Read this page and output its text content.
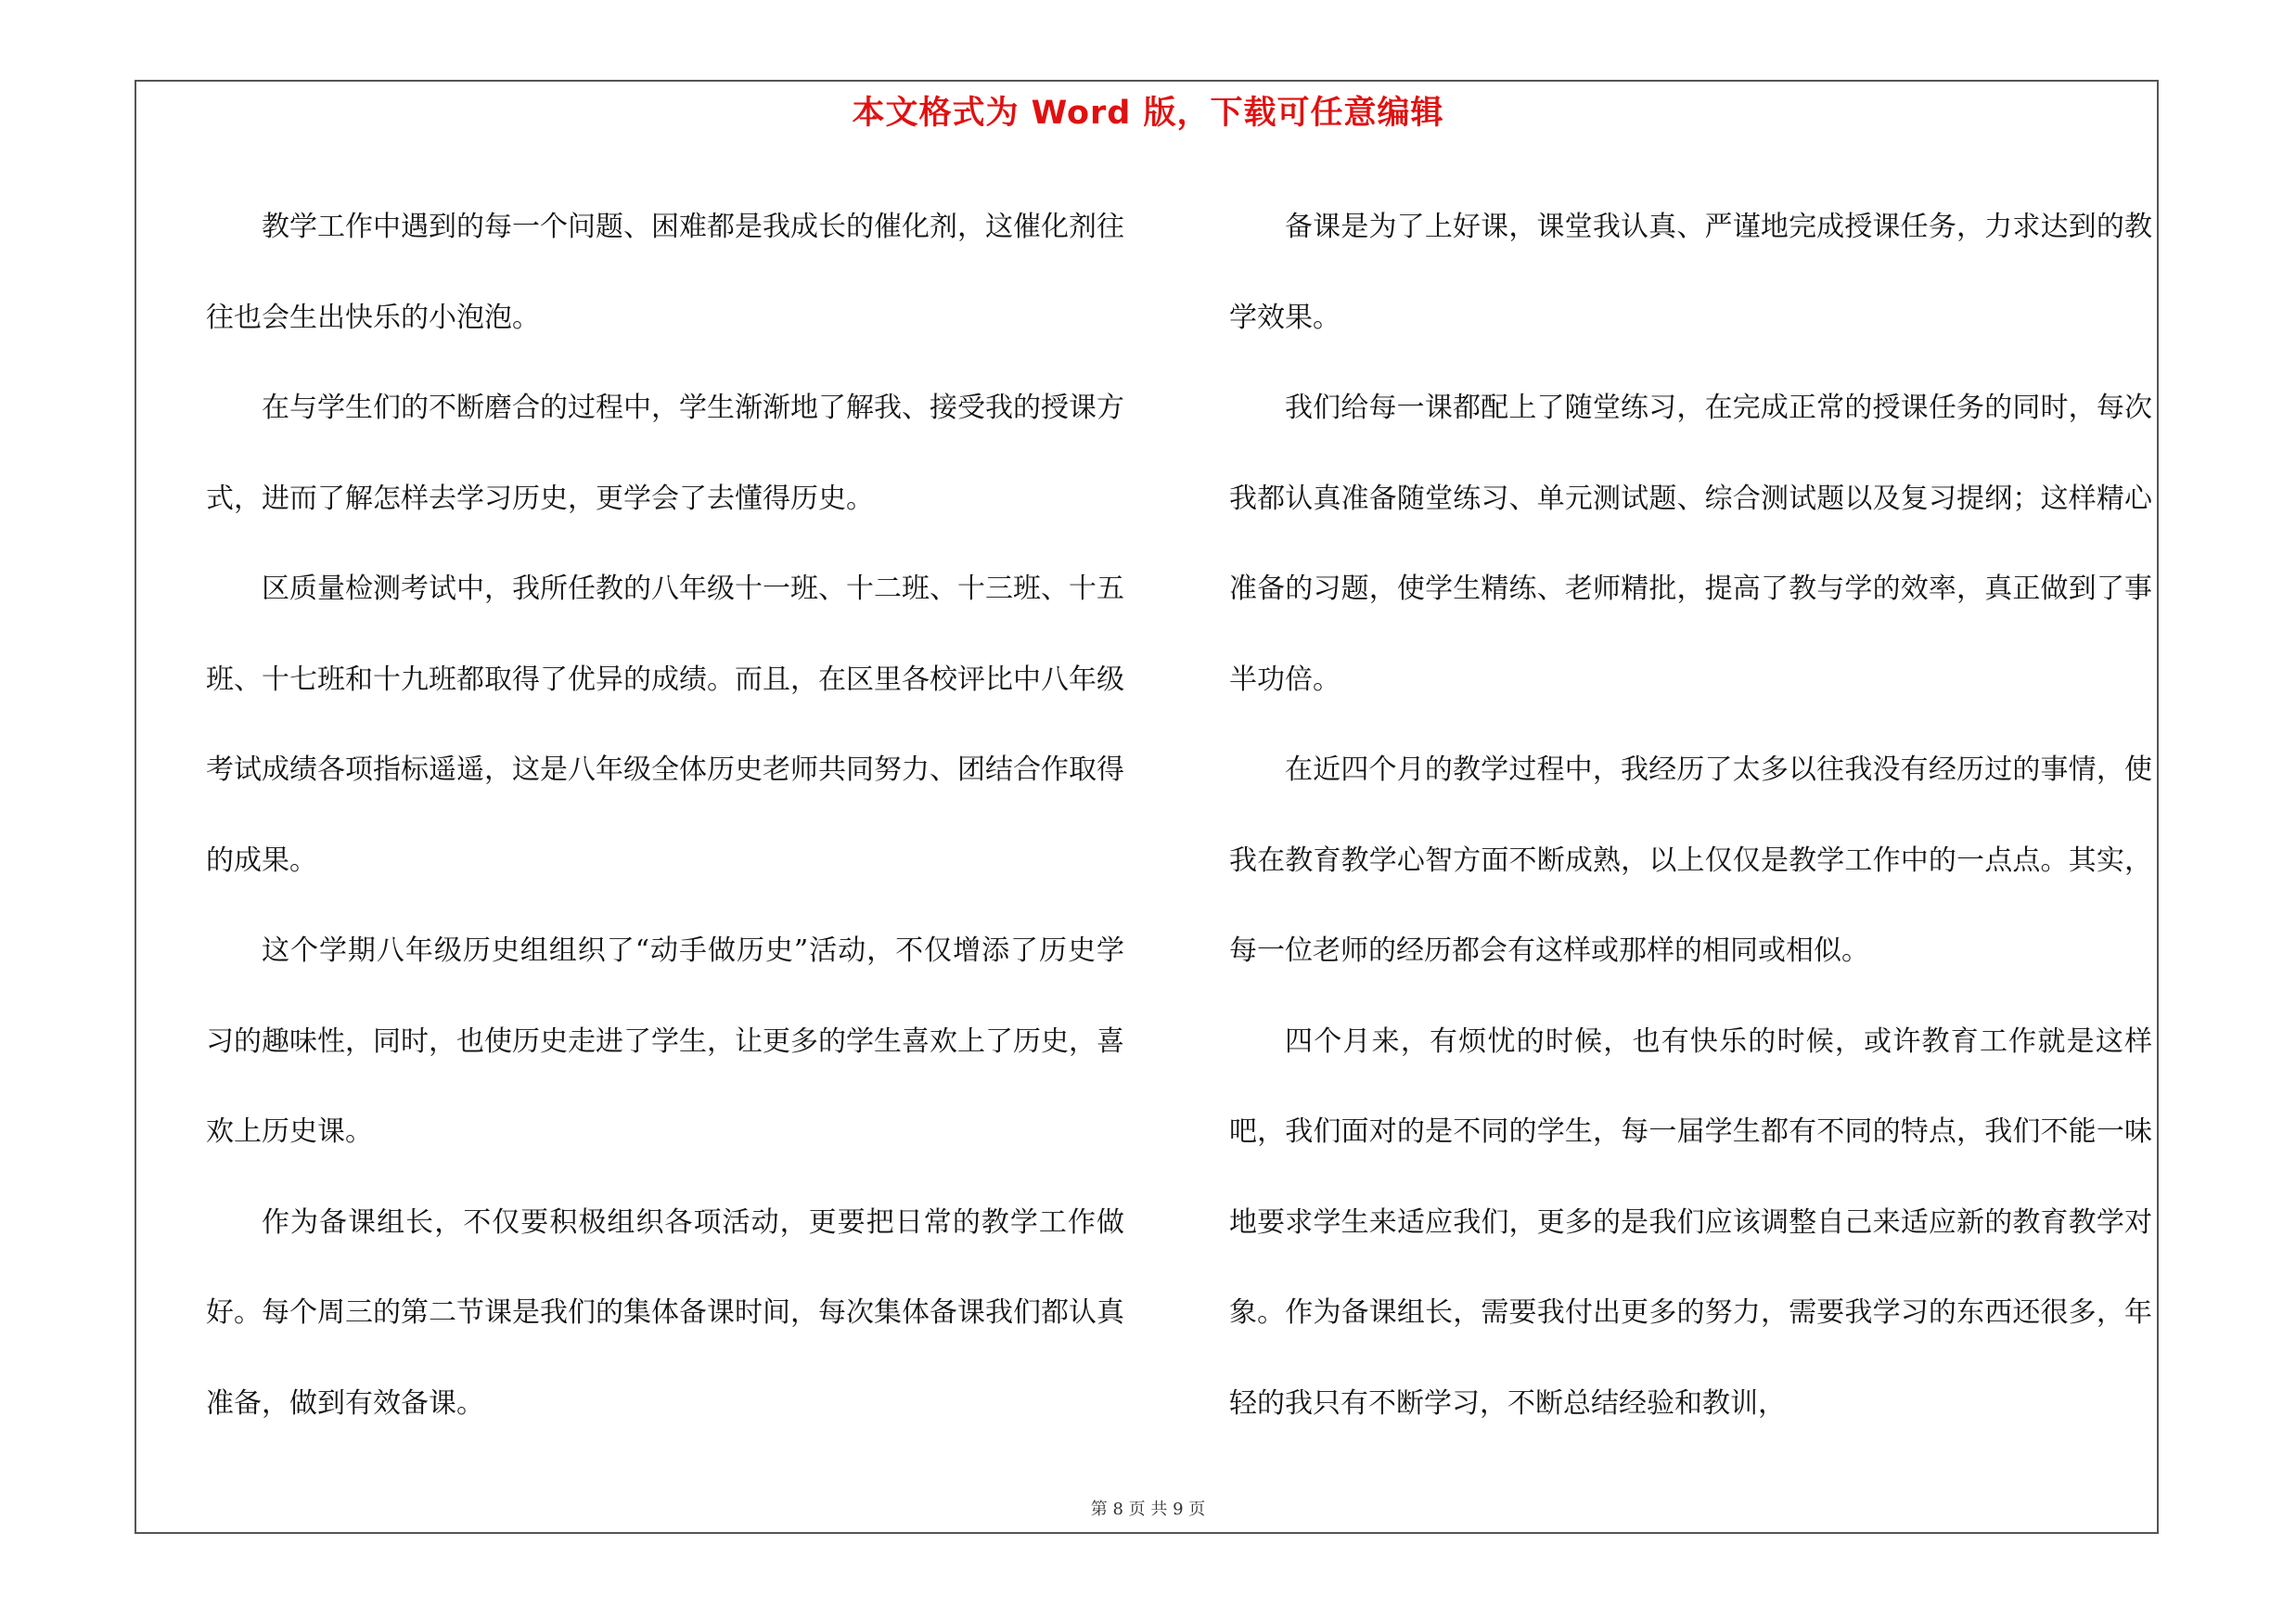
本文格式为 Word 版，下载可任意编辑

教学工作中遇到的每一个问题、困难都是我成长的催化剂，这催化剂往往也会生出快乐的小泡泡。

在与学生们的不断磨合的过程中，学生渐渐地了解我、接受我的授课方式，进而了解怎样去学习历史，更学会了去懂得历史。

区质量检测考试中，我所任教的八年级十一班、十二班、十三班、十五班、十七班和十九班都取得了优异的成绩。而且，在区里各校评比中八年级考试成绩各项指标遥遥，这是八年级全体历史老师共同努力、团结合作取得的成果。

这个学期八年级历史组组织了“动手做历史”活动，不仅增添了历史学习的趣味性，同时，也使历史走进了学生，让更多的学生喜欢上了历史，喜欢上历史课。

作为备课组长，不仅要积极组织各项活动，更要把日常的教学工作做好。每个周三的第二节课是我们的集体备课时间，每次集体备课我们都认真准备，做到有效备课。

备课是为了上好课，课堂我认真、严谨地完成授课任务，力求达到的教学效果。

我们给每一课都配上了随堂练习，在完成正常的授课任务的同时，每次我都认真准备随堂练习、单元测试题、综合测试题以及复习提纲；这样精心准备的习题，使学生精练、老师精批，提高了教与学的效率，真正做到了事半功倍。

在近四个月的教学过程中，我经历了太多以往我没有经历过的事情，使我在教育教学心智方面不断成熟，以上仅仅是教学工作中的一点点。其实，每一位老师的经历都会有这样或那样的相同或相似。

四个月来，有烦忧的时候，也有快乐的时候，或许教育工作就是这样吧，我们面对的是不同的学生，每一届学生都有不同的特点，我们不能一味地要求学生来适应我们，更多的是我们应该调整自己来适应新的教育教学对象。作为备课组长，需要我付出更多的努力，需要我学习的东西还很多，年轻的我只有不断学习，不断总结经验和教训，

第 8 页 共 9 页
